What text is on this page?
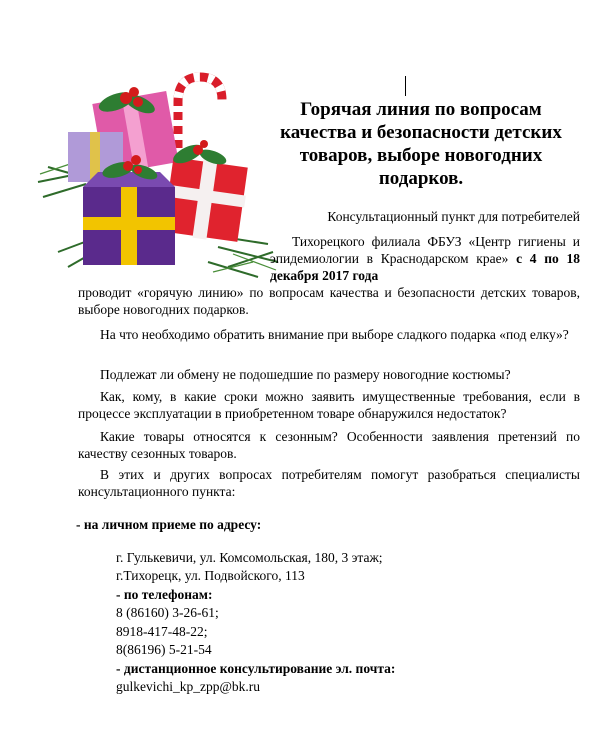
Горячая линия по вопросам качества и безопасности детских товаров, выборе новогодних подарков.
Консультационный пункт для потребителей
Тихорецкого филиала ФБУЗ «Центр гигиены и эпидемиологии в Краснодарском крае» с 4 по 18 декабря 2017 года
проводит «горячую линию» по вопросам качества и безопасности детских товаров, выборе новогодних подарков.
На что необходимо обратить внимание при выборе сладкого подарка «под елку»?
Подлежат ли обмену не подошедшие по размеру новогодние костюмы?
Как, кому, в какие сроки можно заявить имущественные требования, если в процессе эксплуатации в приобретенном товаре обнаружился недостаток?
Какие товары относятся к сезонным? Особенности заявления претензий по качеству сезонных товаров.
В этих и других вопросах потребителям помогут разобраться специалисты консультационного пункта:
- на личном приеме по адресу:
г. Гулькевичи, ул. Комсомольская, 180, 3 этаж;
г.Тихорецк, ул. Подвойского, 113
- по телефонам:
8 (86160) 3-26-61;
8918-417-48-22;
8(86196) 5-21-54
- дистанционное консультирование эл. почта:
gulkevichi_kp_zpp@bk.ru
